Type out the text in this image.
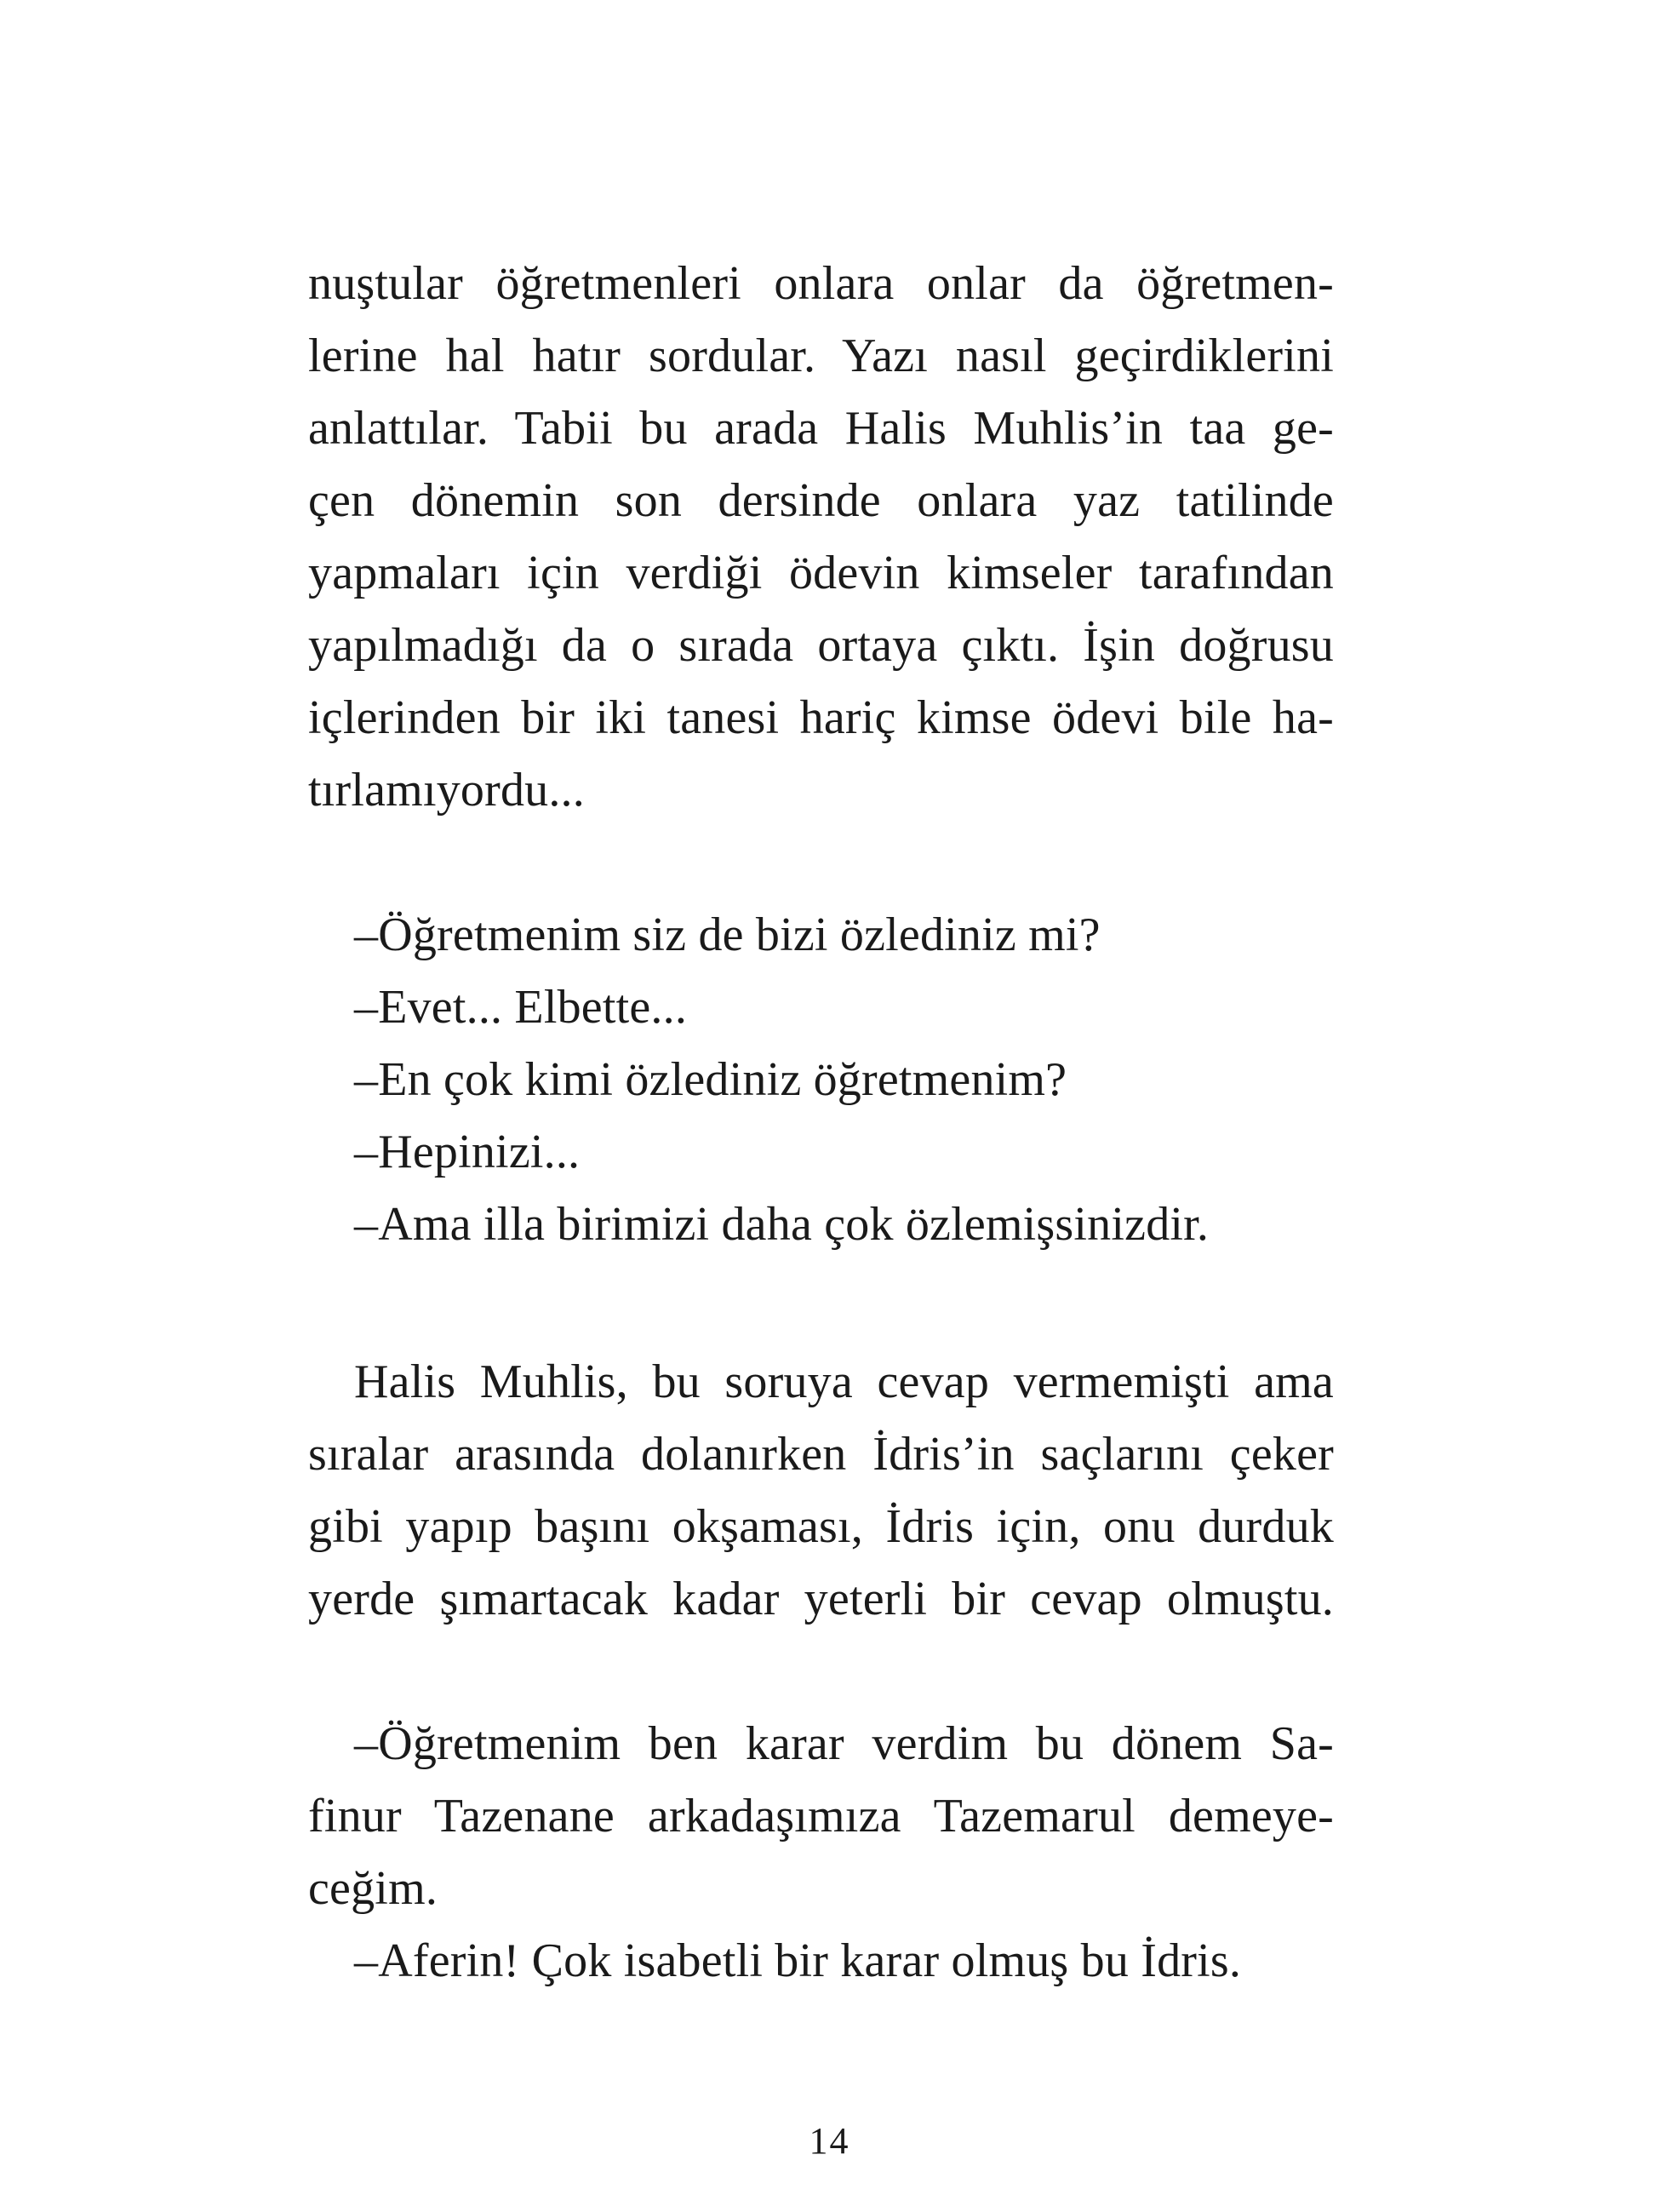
nuştular öğretmenleri onlara onlar da öğretmen-
lerine hal hatır sordular. Yazı nasıl geçirdiklerini
anlattılar. Tabii bu arada Halis Muhlis’in taa ge-
çen dönemin son dersinde onlara yaz tatilinde
yapmaları için verdiği ödevin kimseler tarafından
yapılmadığı da o sırada ortaya çıktı. İşin doğrusu
içlerinden bir iki tanesi hariç kimse ödevi bile ha-
tırlamıyordu...
–Öğretmenim siz de bizi özlediniz mi?
–Evet... Elbette...
–En çok kimi özlediniz öğretmenim?
–Hepinizi...
–Ama illa birimizi daha çok özlemişsinizdir.
Halis Muhlis, bu soruya cevap vermemişti ama
sıralar arasında dolanırken İdris’in saçlarını çeker
gibi yapıp başını okşaması, İdris için, onu durduk
yerde şımartacak kadar yeterli bir cevap olmuştu.
–Öğretmenim ben karar verdim bu dönem Sa-
finur Tazenane arkadaşımıza Tazemarul demeye-
ceğim.
–Aferin! Çok isabetli bir karar olmuş bu İdris.
14
